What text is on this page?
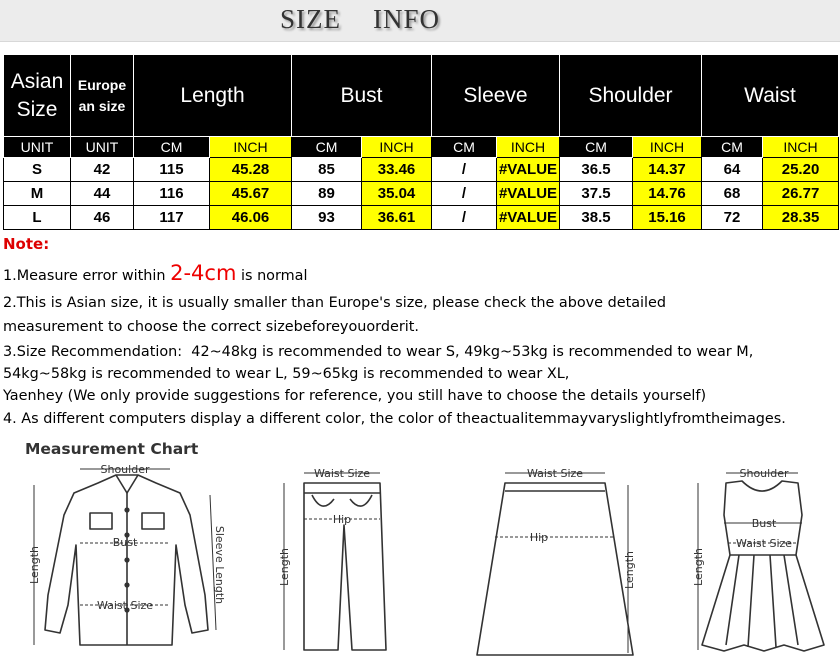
SIZE INFO
Asian Size	Europe an size	Length		Bust		Sleeve		Shoulder		Waist	
UNIT	UNIT	CM	INCH	CM	INCH	CM	INCH	CM	INCH	CM	INCH
S	42	115	45.28	85	33.46	/	#VALUE	36.5	14.37	64	25.20
M	44	116	45.67	89	35.04	/	#VALUE	37.5	14.76	68	26.77
L	46	117	46.06	93	36.61	/	#VALUE	38.5	15.16	72	28.35
Note:
1.Measure error within 2-4cm is normal
2.This is Asian size, it is usually smaller than Europe's size, please check the above detailed
measurement to choose the correct sizebeforeyouorderit.
3.Size Recommendation:  42~48kg is recommended to wear S, 49kg~53kg is recommended to wear M,
54kg~58kg is recommended to wear L, 59~65kg is recommended to wear XL,
Yaenhey (We only provide suggestions for reference, you still have to choose the details yourself)
4. As different computers display a different color, the color of theactualitemmayvaryslightlyfromtheimages.
Measurement Chart
Shoulder
Bust
Waist Size
Length	Sleeve Length
Waist Size
Hip
Length
Waist Size
Hip
Length
Shoulder
Bust
Waist Size
Length
